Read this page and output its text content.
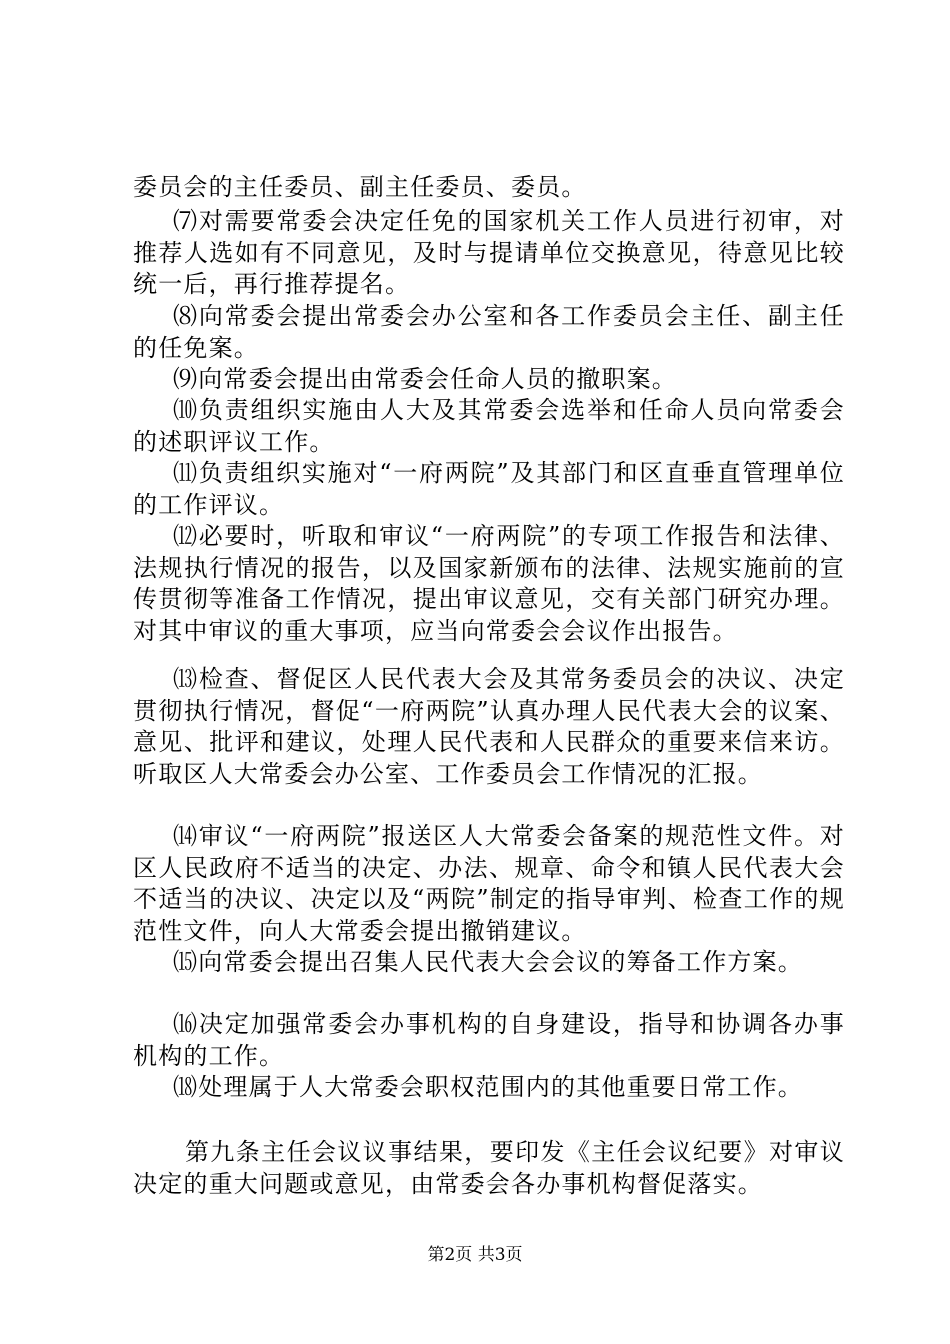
委员会的主任委员、副主任委员、委员。

⑺对需要常委会决定任免的国家机关工作人员进行初审，对推荐人选如有不同意见，及时与提请单位交换意见，待意见比较统一后，再行推荐提名。

⑻向常委会提出常委会办公室和各工作委员会主任、副主任的任免案。

⑼向常委会提出由常委会任命人员的撤职案。

⑽负责组织实施由人大及其常委会选举和任命人员向常委会的述职评议工作。

⑾负责组织实施对“一府两院”及其部门和区直垂直管理单位的工作评议。

⑿必要时，听取和审议“一府两院”的专项工作报告和法律、法规执行情况的报告，以及国家新颁布的法律、法规实施前的宣传贯彻等准备工作情况，提出审议意见，交有关部门研究办理。对其中审议的重大事项，应当向常委会会议作出报告。

⒀检查、督促区人民代表大会及其常务委员会的决议、决定贯彻执行情况，督促“一府两院”认真办理人民代表大会的议案、意见、批评和建议，处理人民代表和人民群众的重要来信来访。听取区人大常委会办公室、工作委员会工作情况的汇报。

⒁审议“一府两院”报送区人大常委会备案的规范性文件。对区人民政府不适当的决定、办法、规章、命令和镇人民代表大会不适当的决议、决定以及“两院”制定的指导审判、检查工作的规范性文件，向人大常委会提出撤销建议。

⒂向常委会提出召集人民代表大会会议的筹备工作方案。

⒃决定加强常委会办事机构的自身建设，指导和协调各办事机构的工作。

⒅处理属于人大常委会职权范围内的其他重要日常工作。

第九条主任会议议事结果，要印发《主任会议纪要》对审议决定的重大问题或意见，由常委会各办事机构督促落实。

第2页 共3页
